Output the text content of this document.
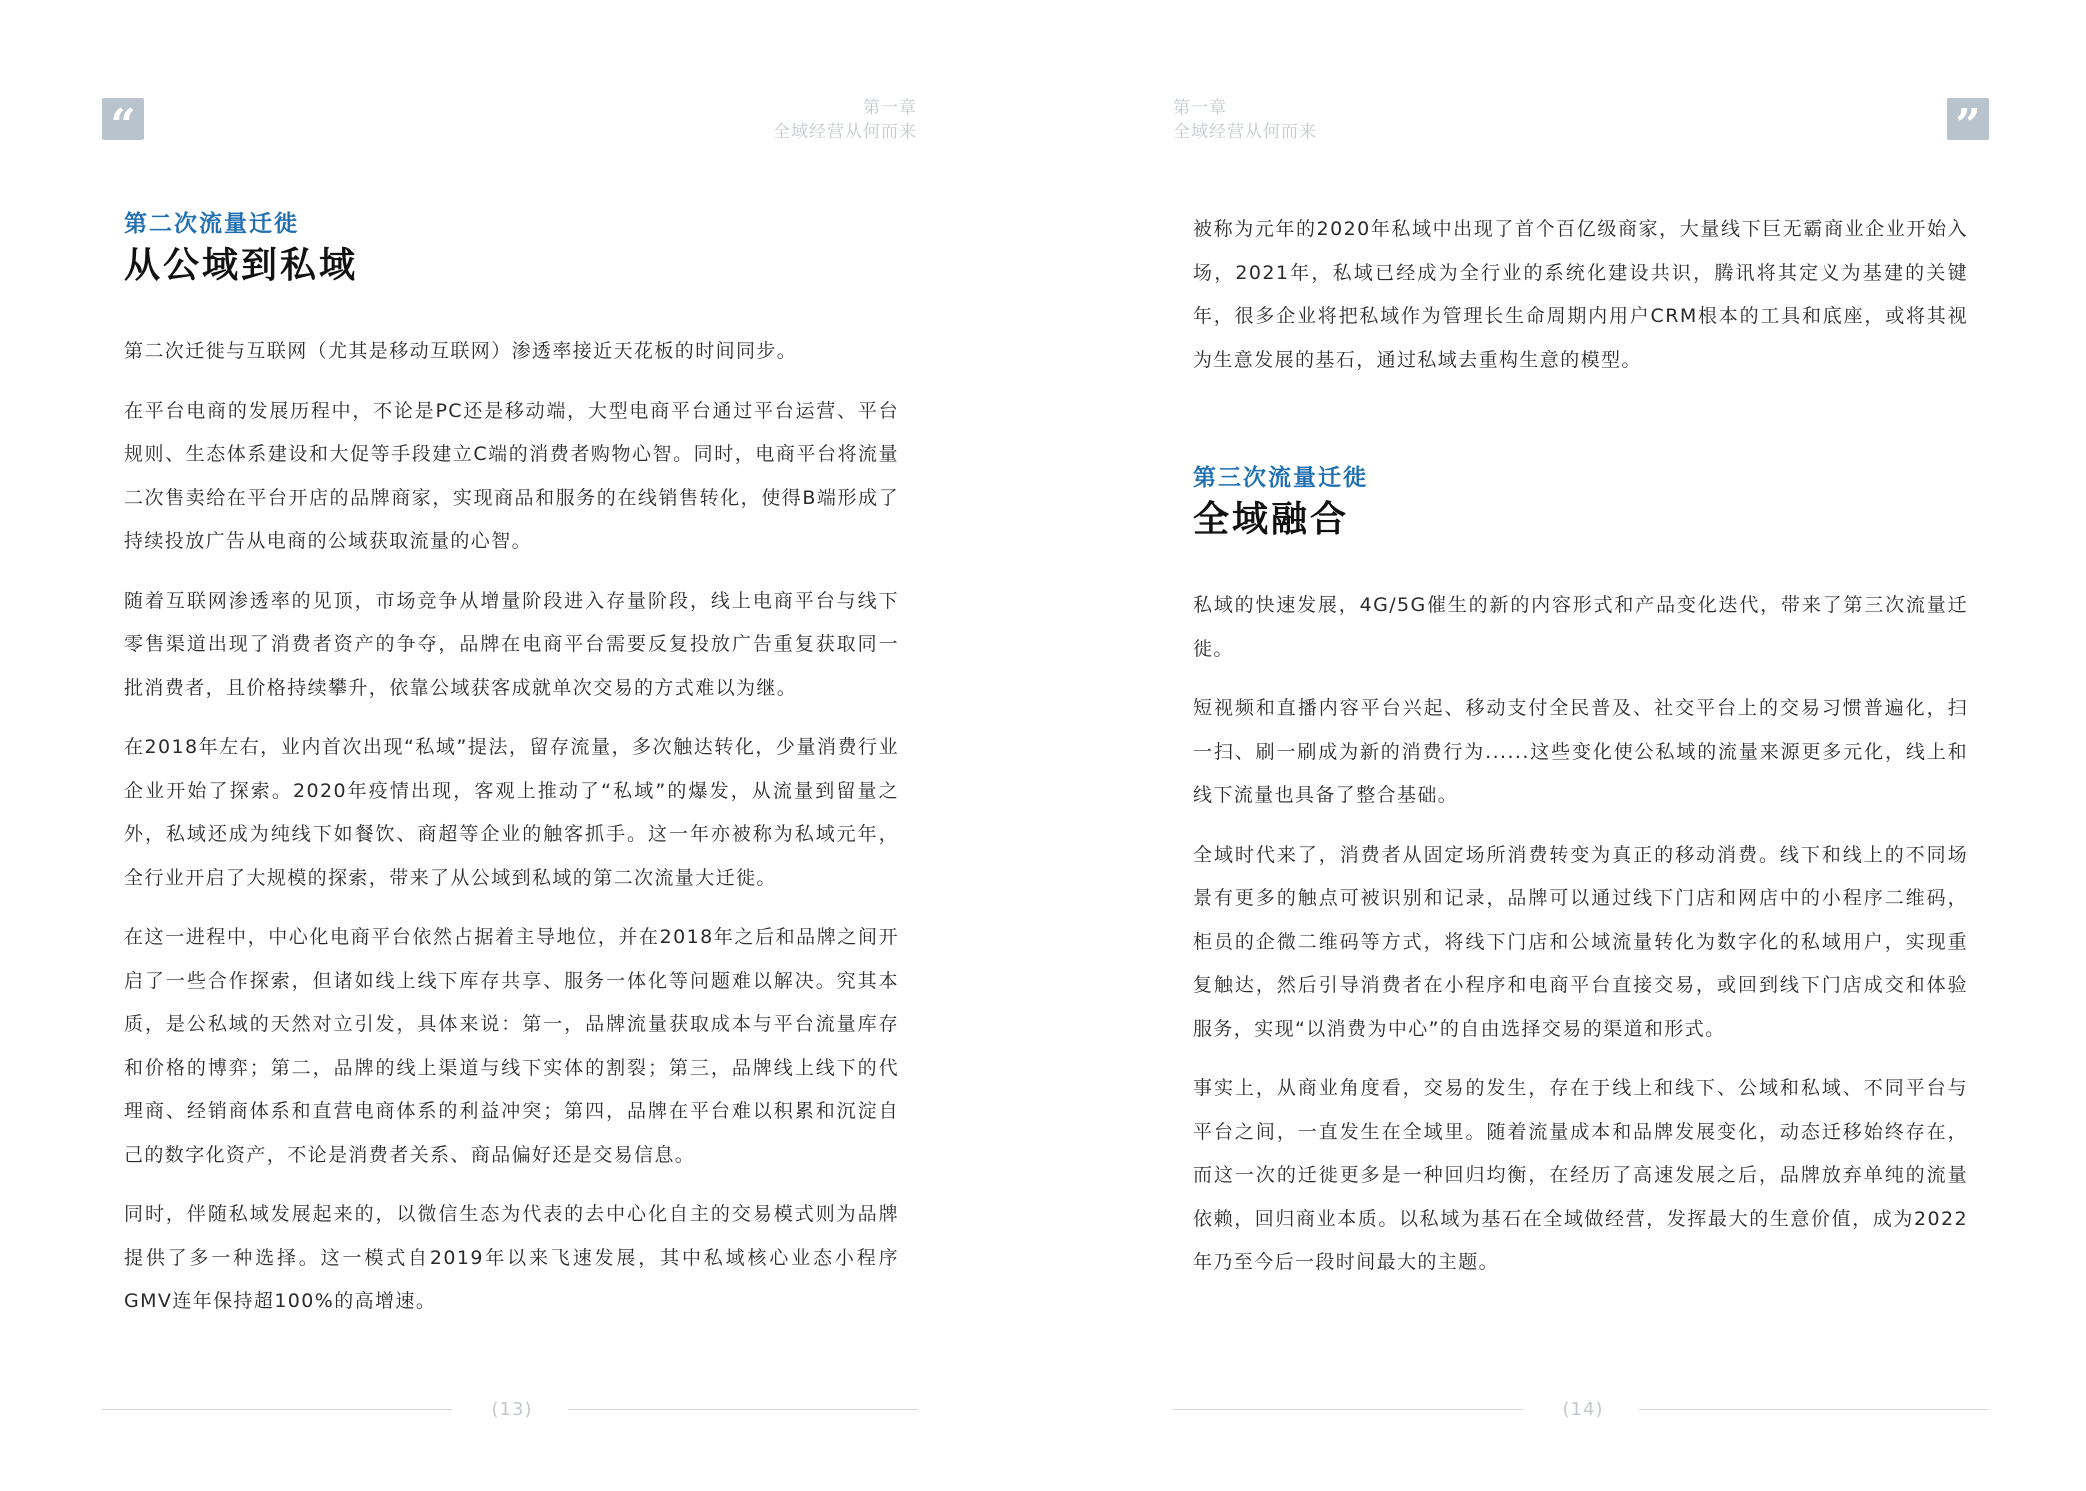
“	第一章
全域经营从何而来
第二次流量迁徙
从公域到私域

第二次迁徙与互联网（尤其是移动互联网）渗透率接近天花板的时间同步。

在平台电商的发展历程中，不论是PC还是移动端，大型电商平台通过平台运营、平台规则、生态体系建设和大促等手段建立C端的消费者购物心智。同时，电商平台将流量二次售卖给在平台开店的品牌商家，实现商品和服务的在线销售转化，使得B端形成了持续投放广告从电商的公域获取流量的心智。

随着互联网渗透率的见顶，市场竞争从增量阶段进入存量阶段，线上电商平台与线下零售渠道出现了消费者资产的争夺，品牌在电商平台需要反复投放广告重复获取同一批消费者，且价格持续攀升，依靠公域获客成就单次交易的方式难以为继。

在2018年左右，业内首次出现“私域”提法，留存流量，多次触达转化，少量消费行业企业开始了探索。2020年疫情出现，客观上推动了“私域”的爆发，从流量到留量之外，私域还成为纯线下如餐饮、商超等企业的触客抓手。这一年亦被称为私域元年，全行业开启了大规模的探索，带来了从公域到私域的第二次流量大迁徙。

在这一进程中，中心化电商平台依然占据着主导地位，并在2018年之后和品牌之间开启了一些合作探索，但诸如线上线下库存共享、服务一体化等问题难以解决。究其本质，是公私域的天然对立引发，具体来说：第一，品牌流量获取成本与平台流量库存和价格的博弈；第二，品牌的线上渠道与线下实体的割裂；第三，品牌线上线下的代理商、经销商体系和直营电商体系的利益冲突；第四，品牌在平台难以积累和沉淀自己的数字化资产，不论是消费者关系、商品偏好还是交易信息。

同时，伴随私域发展起来的，以微信生态为代表的去中心化自主的交易模式则为品牌提供了多一种选择。这一模式自2019年以来飞速发展，其中私域核心业态小程序GMV连年保持超100%的高增速。

(13)
”
第一章
全域经营从何而来

被称为元年的2020年私域中出现了首个百亿级商家，大量线下巨无霸商业企业开始入场，2021年，私域已经成为全行业的系统化建设共识，腾讯将其定义为基建的关键年，很多企业将把私域作为管理长生命周期内用户CRM根本的工具和底座，或将其视为生意发展的基石，通过私域去重构生意的模型。

第三次流量迁徙
全域融合

私域的快速发展，4G/5G催生的新的内容形式和产品变化迭代，带来了第三次流量迁徙。

短视频和直播内容平台兴起、移动支付全民普及、社交平台上的交易习惯普遍化，扫一扫、刷一刷成为新的消费行为......这些变化使公私域的流量来源更多元化，线上和线下流量也具备了整合基础。

全域时代来了，消费者从固定场所消费转变为真正的移动消费。线下和线上的不同场景有更多的触点可被识别和记录，品牌可以通过线下门店和网店中的小程序二维码，柜员的企微二维码等方式，将线下门店和公域流量转化为数字化的私域用户，实现重复触达，然后引导消费者在小程序和电商平台直接交易，或回到线下门店成交和体验服务，实现“以消费为中心”的自由选择交易的渠道和形式。

事实上，从商业角度看，交易的发生，存在于线上和线下、公域和私域、不同平台与平台之间，一直发生在全域里。随着流量成本和品牌发展变化，动态迁移始终存在，而这一次的迁徙更多是一种回归均衡，在经历了高速发展之后，品牌放弃单纯的流量依赖，回归商业本质。以私域为基石在全域做经营，发挥最大的生意价值，成为2022年乃至今后一段时间最大的主题。

(14)
